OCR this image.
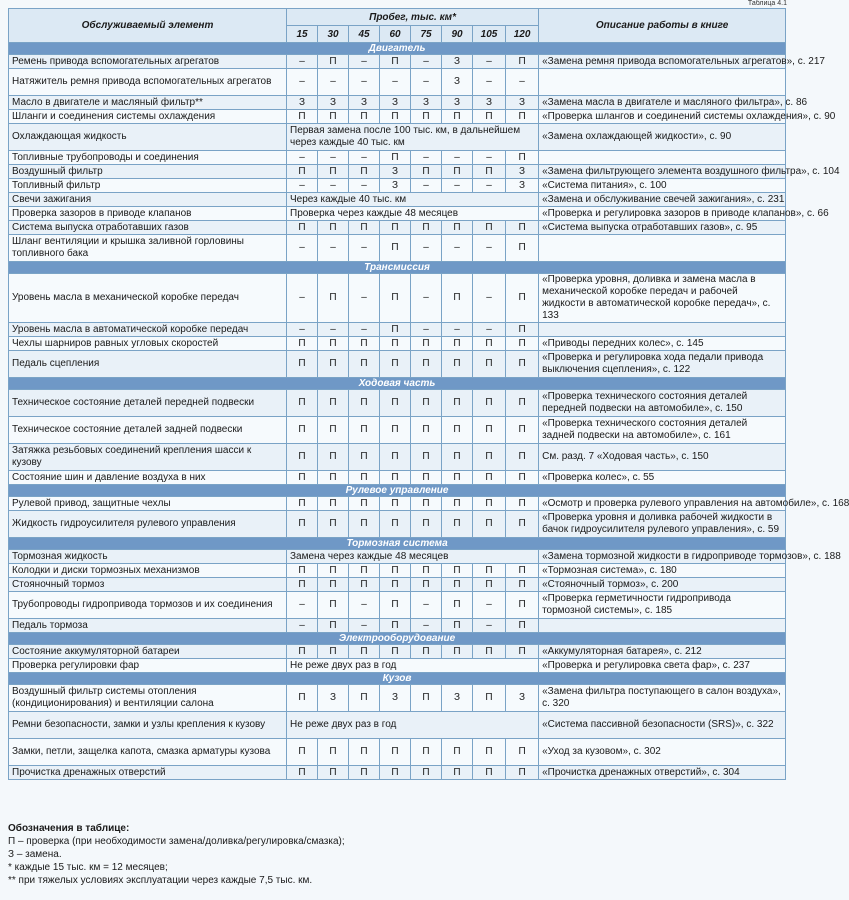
Таблица 4.1
Обслуживаемый элемент	Пробег, тыс. км*								Описание работы в книге
	15	30	45	60	75	90	105	120	
Двигатель									
Ремень привода вспомогательных агрегатов	–	П	–	П	–	З	–	П	«Замена ремня привода вспомогательных агрегатов», с. 217
Натяжитель ремня привода вспомогательных агрегатов	–	–	–	–	–	З	–	–	
Масло в двигателе и масляный фильтр**	З	З	З	З	З	З	З	З	«Замена масла в двигателе и масляного фильтра», с. 86
Шланги и соединения системы охлаждения	П	П	П	П	П	П	П	П	«Проверка шлангов и соединений системы охлаждения», с. 90
Охлаждающая жидкость	Первая замена после 100 тыс. км, в дальнейшем через каждые 40 тыс. км								«Замена охлаждающей жидкости», с. 90
Топливные трубопроводы и соединения	–	–	–	П	–	–	–	П	
Воздушный фильтр	П	П	П	З	П	П	П	З	«Замена фильтрующего элемента воздушного фильтра», с. 104
Топливный фильтр	–	–	–	З	–	–	–	З	«Система питания», с. 100
Свечи зажигания	Через каждые 40 тыс. км								«Замена и обслуживание свечей зажигания», с. 231
Проверка зазоров в приводе клапанов	Проверка через каждые 48 месяцев								«Проверка и регулировка зазоров в приводе клапанов», с. 66
Система выпуска отработавших газов	П	П	П	П	П	П	П	П	«Система выпуска отработавших газов», с. 95
Шланг вентиляции и крышка заливной горловины топливного бака	–	–	–	П	–	–	–	П	
Трансмиссия									
Уровень масла в механической коробке передач	–	П	–	П	–	П	–	П	«Проверка уровня, доливка и замена масла в механической коробке передач и рабочей жидкости в автоматической коробке передач», с. 133
Уровень масла в автоматической коробке передач	–	–	–	П	–	–	–	П	
Чехлы шарниров равных угловых скоростей	П	П	П	П	П	П	П	П	«Приводы передних колес», с. 145
Педаль сцепления	П	П	П	П	П	П	П	П	«Проверка и регулировка хода педали привода выключения сцепления», с. 122
Ходовая часть									
Техническое состояние деталей передней подвески	П	П	П	П	П	П	П	П	«Проверка технического состояния деталей передней подвески на автомобиле», с. 150
Техническое состояние деталей задней подвески	П	П	П	П	П	П	П	П	«Проверка технического состояния деталей задней подвески на автомобиле», с. 161
Затяжка резьбовых соединений крепления шасси к кузову	П	П	П	П	П	П	П	П	См. разд. 7 «Ходовая часть», с. 150
Состояние шин и давление воздуха в них	П	П	П	П	П	П	П	П	«Проверка колес», с. 55
Рулевое управление									
Рулевой привод, защитные чехлы	П	П	П	П	П	П	П	П	«Осмотр и проверка рулевого управления на автомобиле», с. 168
Жидкость гидроусилителя рулевого управления	П	П	П	П	П	П	П	П	«Проверка уровня и доливка рабочей жидкости в бачок гидроусилителя рулевого управления», с. 59
Тормозная система									
Тормозная жидкость	Замена через каждые 48 месяцев								«Замена тормозной жидкости в гидроприводе тормозов», с. 188
Колодки и диски тормозных механизмов	П	П	П	П	П	П	П	П	«Тормозная система», с. 180
Стояночный тормоз	П	П	П	П	П	П	П	П	«Стояночный тормоз», с. 200
Трубопроводы гидропривода тормозов и их соединения	–	П	–	П	–	П	–	П	«Проверка герметичности гидропривода тормозной системы», с. 185
Педаль тормоза	–	П	–	П	–	П	–	П	
Электрооборудование									
Состояние аккумуляторной батареи	П	П	П	П	П	П	П	П	«Аккумуляторная батарея», с. 212
Проверка регулировки фар	Не реже двух раз в год								«Проверка и регулировка света фар», с. 237
Кузов									
Воздушный фильтр системы отопления (кондиционирования) и вентиляции салона	П	З	П	З	П	З	П	З	«Замена фильтра поступающего в салон воздуха», с. 320
Ремни безопасности, замки и узлы крепления к кузову	Не реже двух раз в год								«Система пассивной безопасности (SRS)», с. 322
Замки, петли, защелка капота, смазка арматуры кузова	П	П	П	П	П	П	П	П	«Уход за кузовом», с. 302
Прочистка дренажных отверстий	П	П	П	П	П	П	П	П	«Прочистка дренажных отверстий», с. 304
Обозначения в таблице:
П – проверка (при необходимости замена/доливка/регулировка/смазка);
З – замена.
* каждые 15 тыс. км = 12 месяцев;
** при тяжелых условиях эксплуатации через каждые 7,5 тыс. км.
